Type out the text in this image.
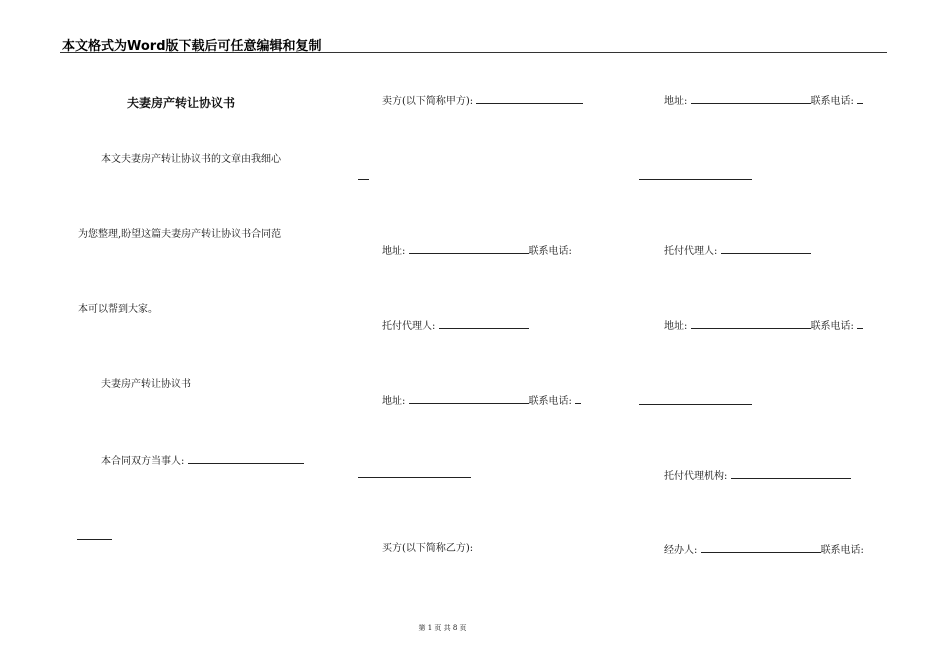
本文格式为Word版下载后可任意编辑和复制
夫妻房产转让协议书
本文夫妻房产转让协议书的文章由我细心
为您整理,盼望这篇夫妻房产转让协议书合同范
本可以帮到大家。
夫妻房产转让协议书
本合同双方当事人:
卖方(以下简称甲方):
地址:	联系电话:
托付代理人:
地址:	联系电话:
买方(以下简称乙方):
地址:	联系电话:
托付代理人:
地址:	联系电话:
托付代理机构:
经办人:	联系电话:
第 1 页 共 8 页
